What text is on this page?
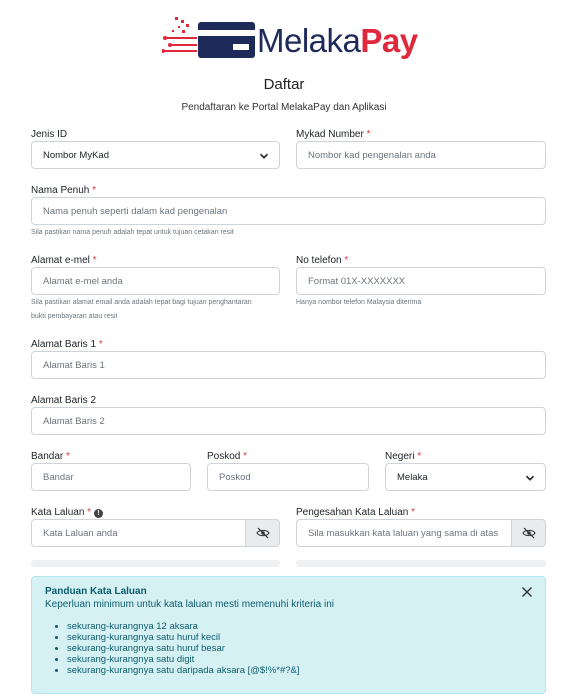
MelakaPay
Daftar
Pendaftaran ke Portal MelakaPay dan Aplikasi
Jenis ID
Nombor MyKad
Mykad Number *
Nombor kad pengenalan anda
Nama Penuh *
Nama penuh seperti dalam kad pengenalan
Sila pastikan nama penuh adalah tepat untuk tujuan cetakan resit
Alamat e-mel *
Alamat e-mel anda
Sila pastikan alamat email anda adalah tepat bagi tujuan penghantaran
bukti pembayaran atau resit
No telefon *
Format 01X-XXXXXXX
Hanya nombor telefon Malaysia diterima
Alamat Baris 1 *
Alamat Baris 1
Alamat Baris 2
Alamat Baris 2
Bandar *
Bandar
Poskod *
Poskod
Negeri *
Melaka
Kata Laluan * !
Kata Laluan anda
Pengesahan Kata Laluan *
Sila masukkan kata laluan yang sama di atas
Panduan Kata Laluan
Keperluan minimum untuk kata laluan mesti memenuhi kriteria ini
• sekurang-kurangnya 12 aksara
• sekurang-kurangnya satu huruf kecil
• sekurang-kurangnya satu huruf besar
• sekurang-kurangnya satu digit
• sekurang-kurangnya satu daripada aksara [@$!%*#?&]
